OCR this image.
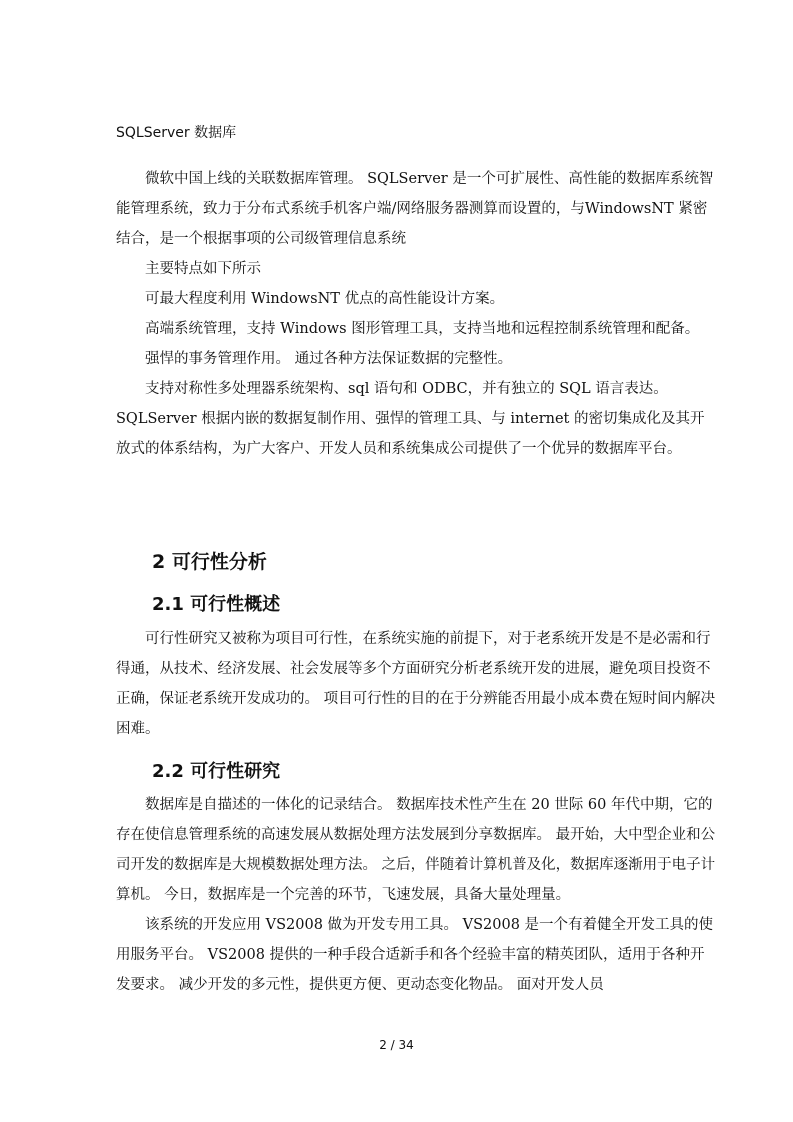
SQLServer 数据库

微软中国上线的关联数据库管理。 SQLServer 是一个可扩展性、高性能的数据库系统智能管理系统，致力于分布式系统手机客户端/网络服务器测算而设置的，与WindowsNT 紧密结合，是一个根据事项的公司级管理信息系统

主要特点如下所示

可最大程度利用 WindowsNT 优点的高性能设计方案。

高端系统管理，支持 Windows 图形管理工具，支持当地和远程控制系统管理和配备。

强悍的事务管理作用。 通过各种方法保证数据的完整性。

支持对称性多处理器系统架构、sql 语句和 ODBC，并有独立的 SQL 语言表达。

SQLServer 根据内嵌的数据复制作用、强悍的管理工具、与 internet 的密切集成化及其开放式的体系结构，为广大客户、开发人员和系统集成公司提供了一个优异的数据库平台。

2 可行性分析
2.1 可行性概述

可行性研究又被称为项目可行性，在系统实施的前提下，对于老系统开发是不是必需和行得通，从技术、经济发展、社会发展等多个方面研究分析老系统开发的进展，避免项目投资不正确，保证老系统开发成功的。 项目可行性的目的在于分辨能否用最小成本费在短时间内解决困难。

2.2 可行性研究

数据库是自描述的一体化的记录结合。 数据库技术性产生在 20 世际 60 年代中期，它的存在使信息管理系统的高速发展从数据处理方法发展到分享数据库。 最开始，大中型企业和公司开发的数据库是大规模数据处理方法。 之后，伴随着计算机普及化，数据库逐渐用于电子计算机。 今日，数据库是一个完善的环节，飞速发展，具备大量处理量。

该系统的开发应用 VS2008 做为开发专用工具。 VS2008 是一个有着健全开发工具的使用服务平台。 VS2008 提供的一种手段合适新手和各个经验丰富的精英团队，适用于各种开发要求。 减少开发的多元性，提供更方便、更动态变化物品。 面对开发人员

2 / 34
